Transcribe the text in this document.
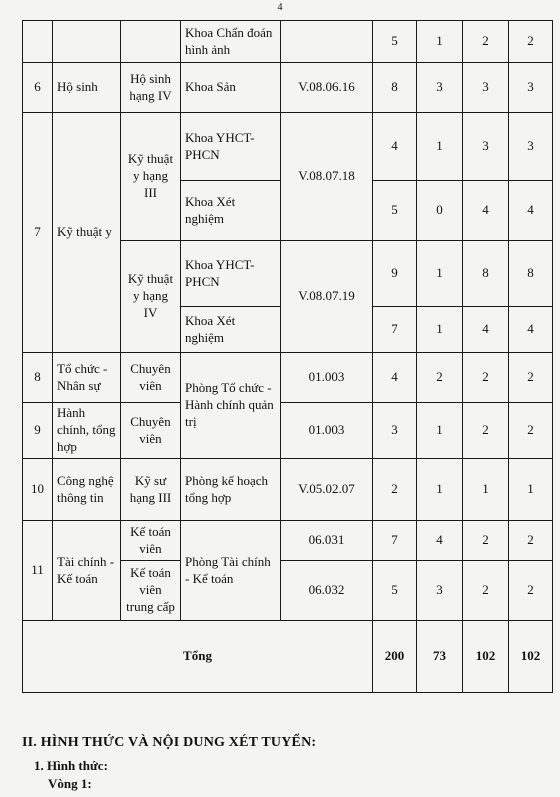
4
			Khoa Chẩn đoán hình ảnh		5	1	2	2
6	Hộ sinh	Hộ sinh hạng IV	Khoa Sản	V.08.06.16	8	3	3	3
7	Kỹ thuật y	Kỹ thuật y hạng III	Khoa YHCT-PHCN	V.08.07.18	4	1	3	3
			Khoa Xét nghiệm		5	0	4	4
		Kỹ thuật y hạng IV	Khoa YHCT-PHCN	V.08.07.19	9	1	8	8
			Khoa Xét nghiệm		7	1	4	4
8	Tổ chức - Nhân sự	Chuyên viên	Phòng Tổ chức - Hành chính quản trị	01.003	4	2	2	2
9	Hành chính, tổng hợp	Chuyên viên		01.003	3	1	2	2
10	Công nghệ thông tin	Kỹ sư hạng III	Phòng kế hoạch tổng hợp	V.05.02.07	2	1	1	1
11	Tài chính - Kế toán	Kế toán viên	Phòng Tài chính - Kế toán	06.031	7	4	2	2
		Kế toán viên trung cấp		06.032	5	3	2	2
Tổng					200	73	102	102
II. HÌNH THỨC VÀ NỘI DUNG XÉT TUYỂN:
1. Hình thức:
Vòng 1:
